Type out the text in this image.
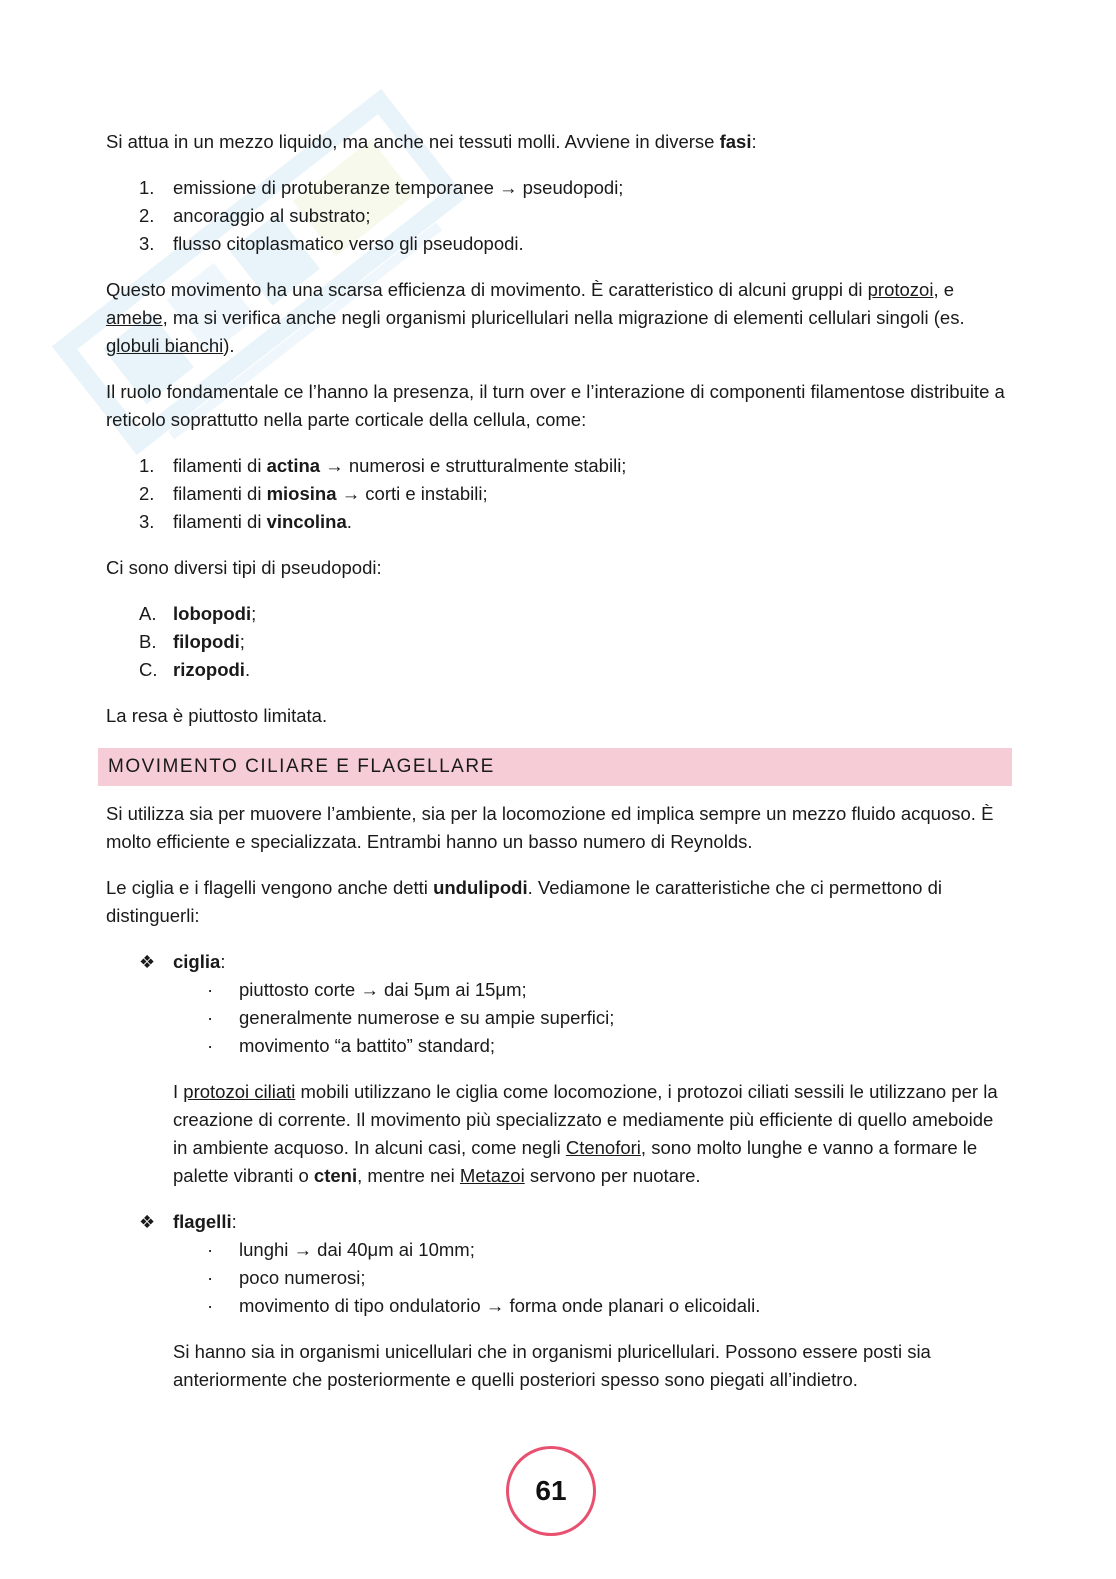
Si attua in un mezzo liquido, ma anche nei tessuti molli. Avviene in diverse fasi:

1. emissione di protuberanze temporanee → pseudopodi;
2. ancoraggio al substrato;
3. flusso citoplasmatico verso gli pseudopodi.

Questo movimento ha una scarsa efficienza di movimento. È caratteristico di alcuni gruppi di protozoi, e amebe, ma si verifica anche negli organismi pluricellulari nella migrazione di elementi cellulari singoli (es. globuli bianchi).

Il ruolo fondamentale ce l’hanno la presenza, il turn over e l’interazione di componenti filamentose distribuite a reticolo soprattutto nella parte corticale della cellula, come:

1. filamenti di actina → numerosi e strutturalmente stabili;
2. filamenti di miosina → corti e instabili;
3. filamenti di vincolina.

Ci sono diversi tipi di pseudopodi:

A. lobopodi;
B. filopodi;
C. rizopodi.

La resa è piuttosto limitata.

MOVIMENTO CILIARE E FLAGELLARE

Si utilizza sia per muovere l’ambiente, sia per la locomozione ed implica sempre un mezzo fluido acquoso. È molto efficiente e specializzata. Entrambi hanno un basso numero di Reynolds.

Le ciglia e i flagelli vengono anche detti undulipodi. Vediamone le caratteristiche che ci permettono di distinguerli:

❖ ciglia:
· piuttosto corte → dai 5μm ai 15μm;
· generalmente numerose e su ampie superfici;
· movimento “a battito” standard;

I protozoi ciliati mobili utilizzano le ciglia come locomozione, i protozoi ciliati sessili le utilizzano per la creazione di corrente. Il movimento più specializzato e mediamente più efficiente di quello ameboide in ambiente acquoso. In alcuni casi, come negli Ctenofori, sono molto lunghe e vanno a formare le palette vibranti o cteni, mentre nei Metazoi servono per nuotare.

❖ flagelli:
· lunghi → dai 40μm ai 10mm;
· poco numerosi;
· movimento di tipo ondulatorio → forma onde planari o elicoidali.

Si hanno sia in organismi unicellulari che in organismi pluricellulari. Possono essere posti sia anteriormente che posteriormente e quelli posteriori spesso sono piegati all’indietro.

61
